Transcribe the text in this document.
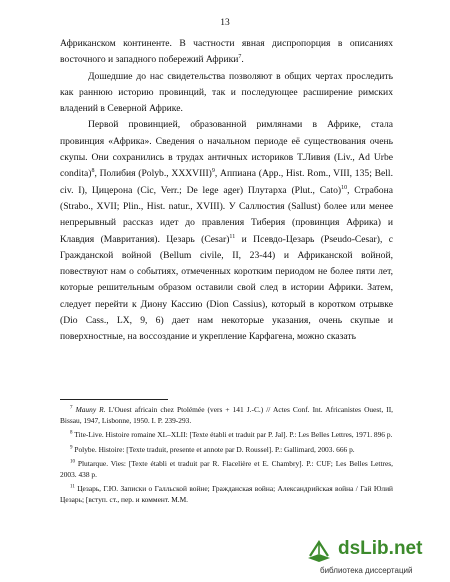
13

Африканском континенте. В частности явная диспропорция в описаниях восточного и западного побережий Африки$^7$.

Дошедшие до нас свидетельства позволяют в общих чертах проследить как раннюю историю провинций, так и последующее расширение римских владений в Северной Африке.

Первой провинцией, образованной римлянами в Африке, стала провинция «Африка». Сведения о начальном периоде её существования очень скупы. Они сохранились в трудах античных историков Т.Ливия (Liv., Ad Urbe condita)$^8$, Полибия (Polyb., XXXVIII)$^9$, Аппиана (App., Hist. Rom., VIII, 135; Bell. civ. I), Цицерона (Cic, Verr.; De lege ager) Плутарха (Plut., Cato)$^{10}$, Страбона (Strabo., XVII; Plin., Hist. natur., XVIII). У Саллюстия (Sallust) более или менее непрерывный рассказ идет до правления Тиберия (провинция Африка) и Клавдия (Мавритания). Цезарь (Cesar)$^{11}$ и Псевдо-Цезарь (Pseudo-Cesar), с Гражданской войной (Bellum civile, II, 23-44) и Африканской войной, повествуют нам о событиях, отмеченных коротким периодом не более пяти лет, которые решительным образом оставили свой след в истории Африки. Затем, следует перейти к Диону Кассию (Dion Cassius), который в коротком отрывке (Dio Cass., LX, 9, 6) дает нам некоторые указания, очень скупые и поверхностные, на воссоздание и укрепление Карфагена, можно сказать

$^7$ Mauny R. L'Ouest africain chez Ptolémée (vers + 141 J.-C.) // Actes Conf. Int. Africanistes Ouest, II, Bissau, 1947, Lisbonne, 1950. I. P. 239-293.

$^8$ Tite-Live. Histoire romaine XL–XLII: [Texte établi et traduit par P. Jal]. P.: Les Belles Lettres, 1971. 896 p.

$^9$ Polybe. Histoire: [Texte traduit, presente et annote par D. Roussel]. P.: Gallimard, 2003. 666 p.

$^{10}$ Plutarque. Vies: [Texte établi et traduit par R. Flacelière et E. Chambry]. P.: CUF; Les Belles Lettres, 2003. 438 p.

$^{11}$ Цезарь, Г.Ю. Записки о Галльской войне; Гражданская война; Александрийская война / Гай Юлий Цезарь; [вступ. ст., пер. и коммент. М.М.

dsLib.net
библиотека диссертаций
